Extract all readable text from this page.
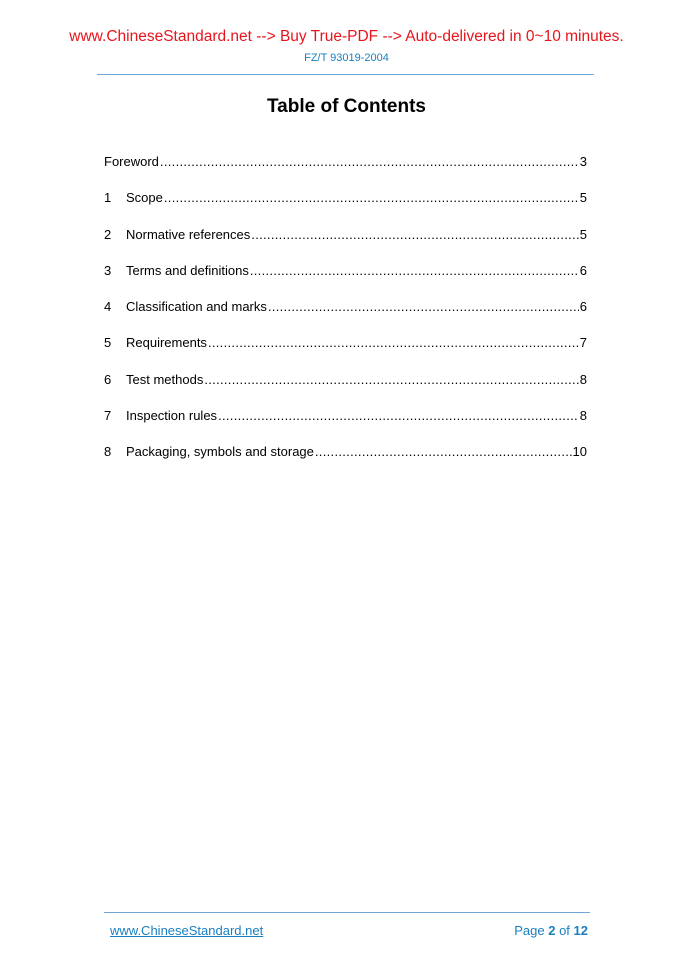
www.ChineseStandard.net --> Buy True-PDF --> Auto-delivered in 0~10 minutes.
FZ/T 93019-2004
Table of Contents
Foreword .....	3
1	Scope .....	5
2	Normative references .....	5
3	Terms and definitions .....	6
4	Classification and marks .....	6
5	Requirements .....	7
6	Test methods .....	8
7	Inspection rules .....	8
8	Packaging, symbols and storage .....	10
www.ChineseStandard.net	Page 2 of 12
